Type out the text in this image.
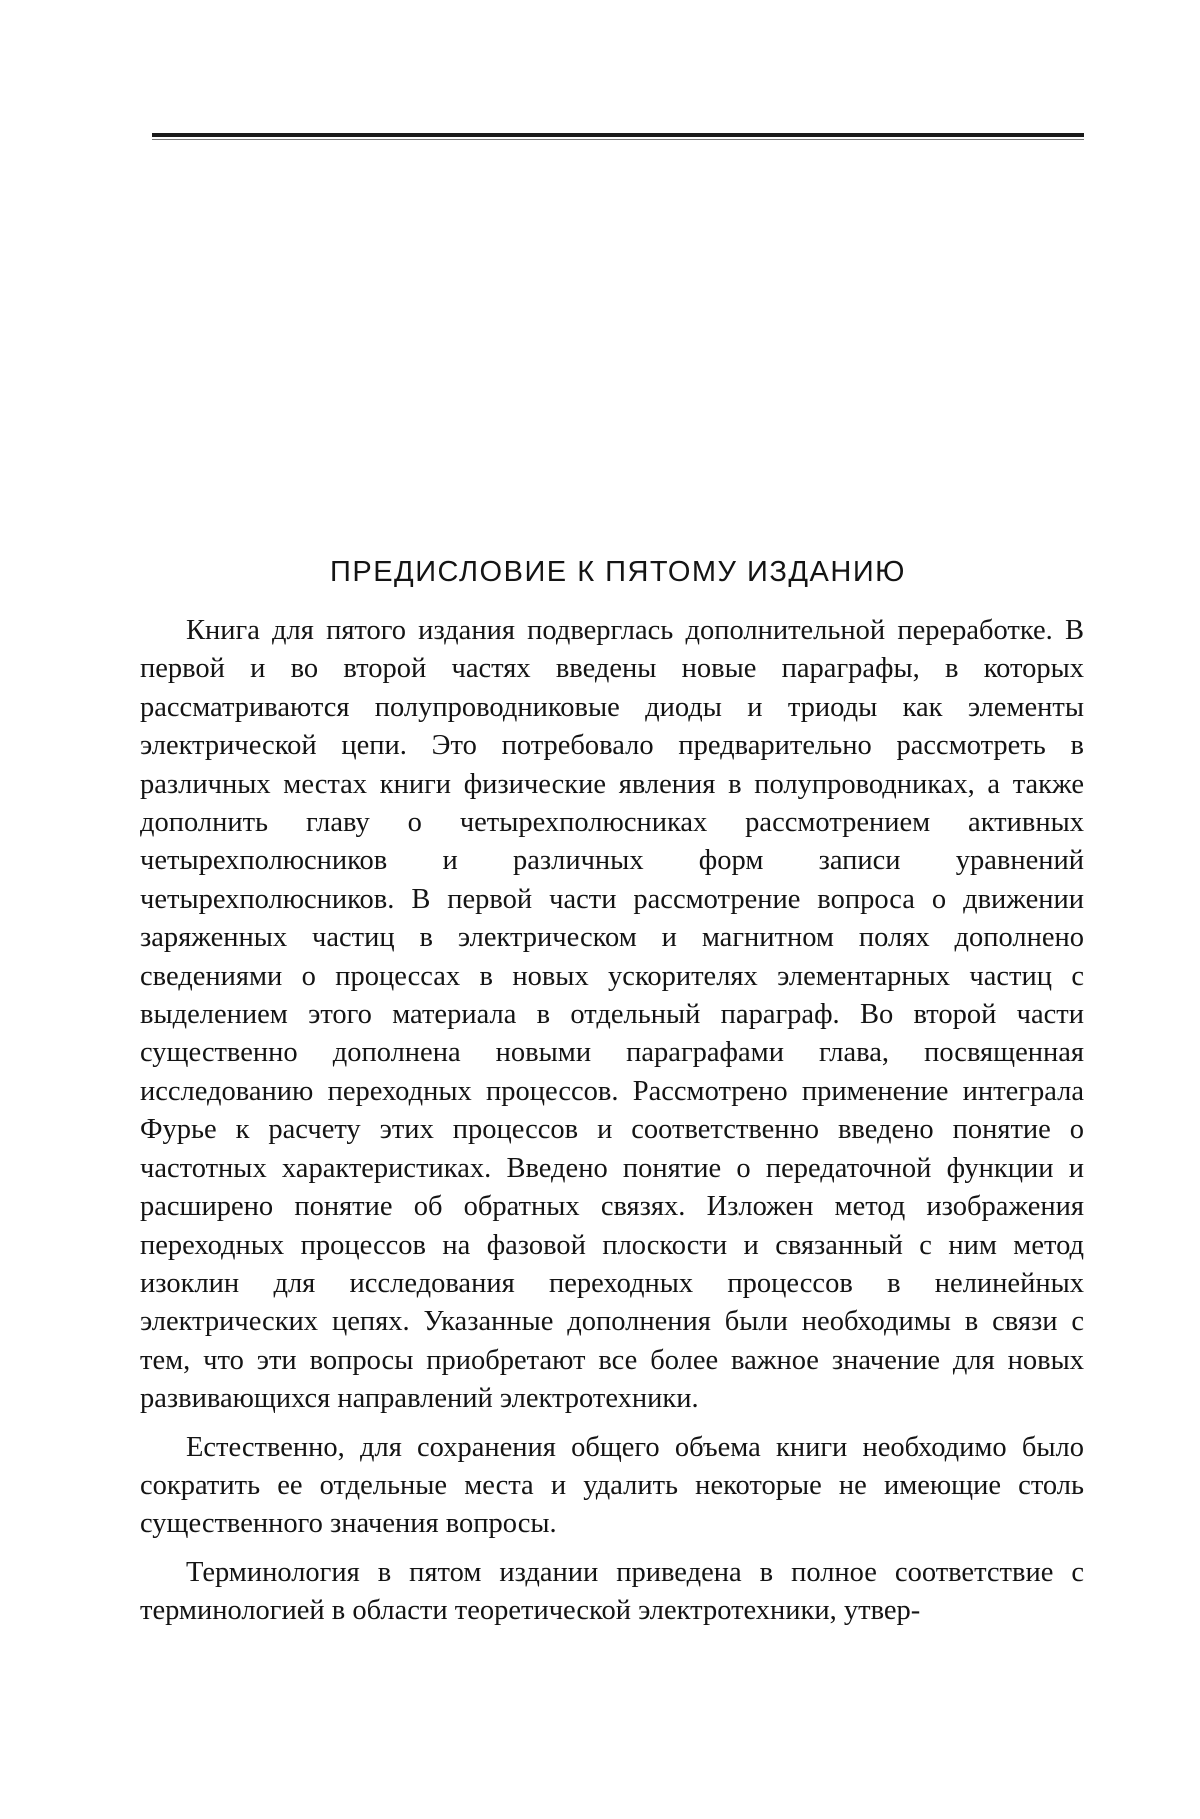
ПРЕДИСЛОВИЕ К ПЯТОМУ ИЗДАНИЮ

Книга для пятого издания подверглась дополнительной переработке. В первой и во второй частях введены новые параграфы, в которых рассматриваются полупроводниковые диоды и триоды как элементы электрической цепи. Это потребовало предварительно рассмотреть в различных местах книги физические явления в полупроводниках, а также дополнить главу о четырехполюсниках рассмотрением активных четырехполюсников и различных форм записи уравнений четырехполюсников. В первой части рассмотрение вопроса о движении заряженных частиц в электрическом и магнитном полях дополнено сведениями о процессах в новых ускорителях элементарных частиц с выделением этого материала в отдельный параграф. Во второй части существенно дополнена новыми параграфами глава, посвященная исследованию переходных процессов. Рассмотрено применение интеграла Фурье к расчету этих процессов и соответственно введено понятие о частотных характеристиках. Введено понятие о передаточной функции и расширено понятие об обратных связях. Изложен метод изображения переходных процессов на фазовой плоскости и связанный с ним метод изоклин для исследования переходных процессов в нелинейных электрических цепях. Указанные дополнения были необходимы в связи с тем, что эти вопросы приобретают все более важное значение для новых развивающихся направлений электротехники.

Естественно, для сохранения общего объема книги необходимо было сократить ее отдельные места и удалить некоторые не имеющие столь существенного значения вопросы.

Терминология в пятом издании приведена в полное соответствие с терминологией в области теоретической электротехники, утвер-
